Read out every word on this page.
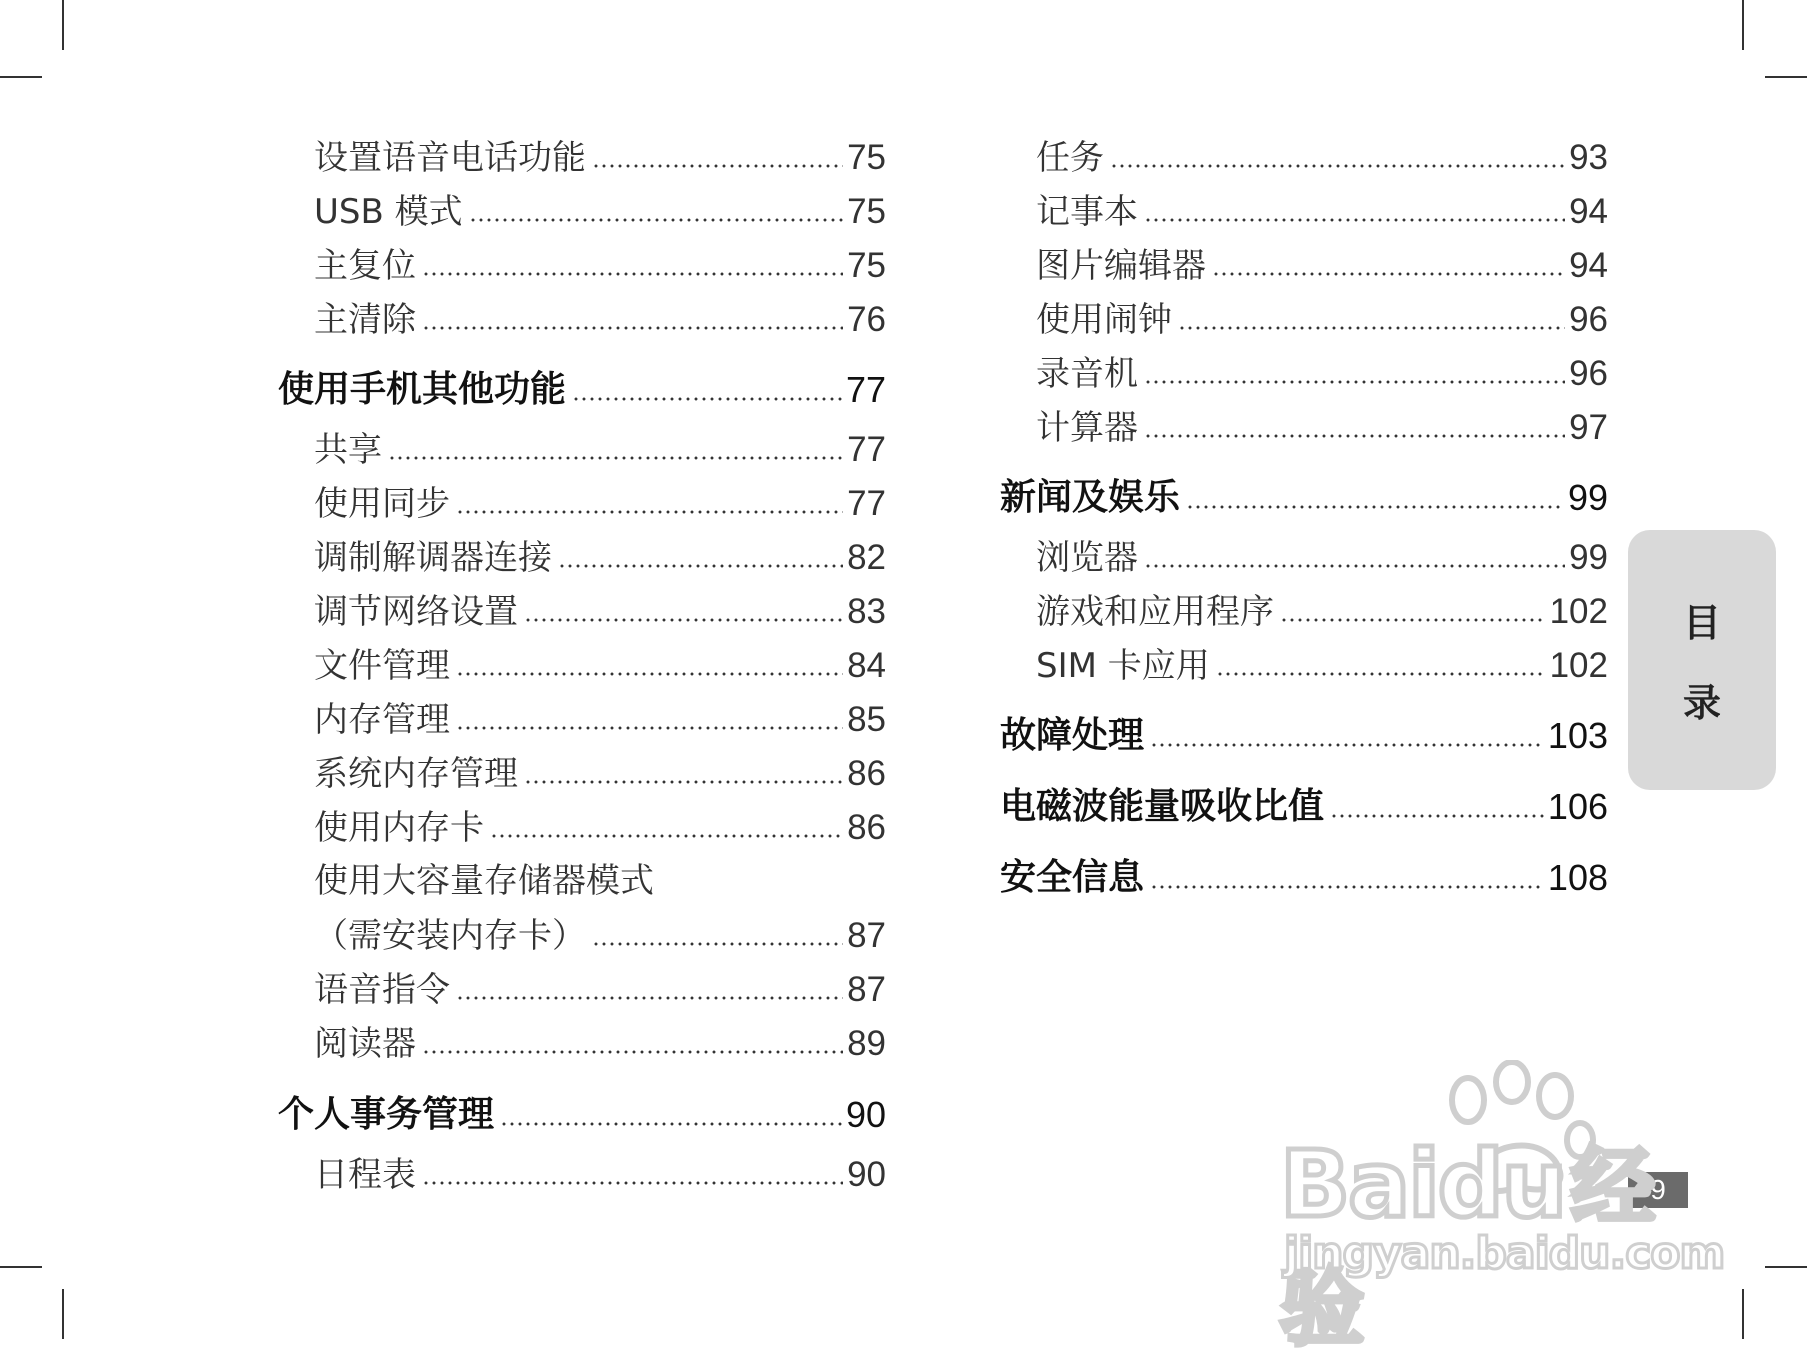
设置语音电话功能	75
USB 模式	75
主复位	75
主清除	76
使用手机其他功能	77
共享	77
使用同步	77
调制解调器连接	82
调节网络设置	83
文件管理	84
内存管理	85
系统内存管理	86
使用内存卡	86
使用大容量存储器模式
（需安装内存卡）	87
语音指令	87
阅读器	89
个人事务管理	90
日程表	90
任务	93
记事本	94
图片编辑器	94
使用闹钟	96
录音机	96
计算器	97
新闻及娱乐	99
浏览器	99
游戏和应用程序	102
SIM 卡应用	102
故障处理	103
电磁波能量吸收比值	106
安全信息	108
目
录
9
Baidu经验
jingyan.baidu.com
